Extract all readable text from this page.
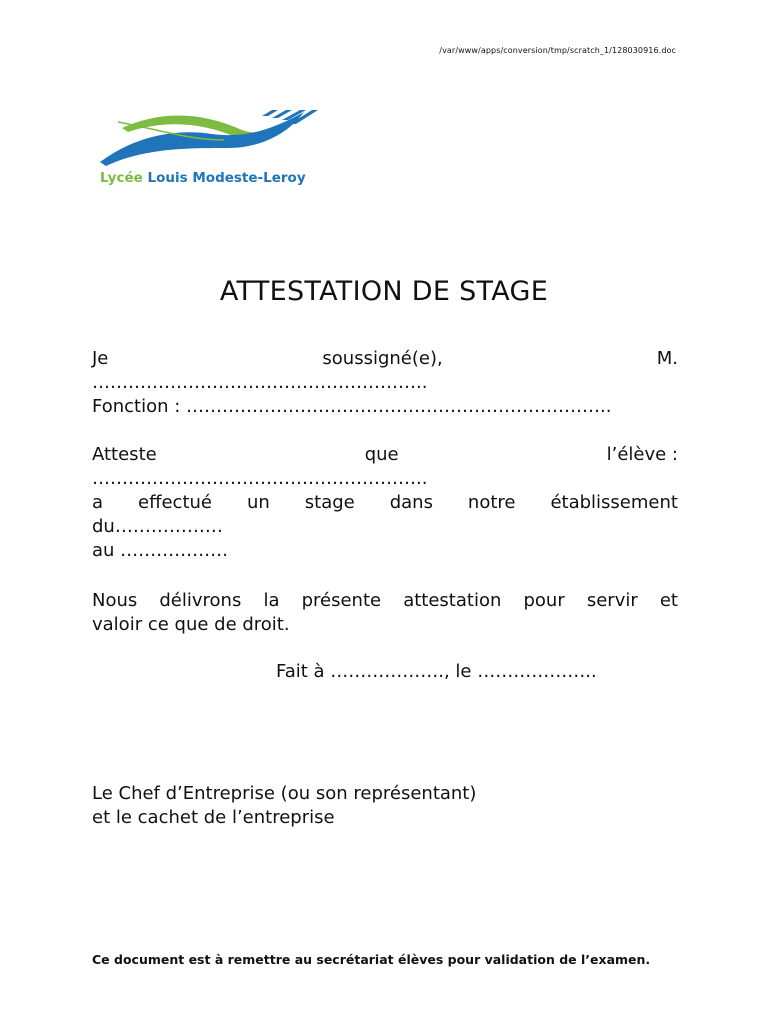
/var/www/apps/conversion/tmp/scratch_1/128030916.doc
Lycée Louis Modeste-Leroy
ATTESTATION DE STAGE
Je	soussigné(e),	M.
………………………………………………..
Fonction : ……………………………………………………………..
Atteste	que	l’élève :
………………………………………………..
a effectué un stage dans notre établissement
du………………
au ………………
Nous délivrons la présente attestation pour servir et
valoir ce que de droit.
Fait à ………………., le ………………..
Le Chef d’Entreprise (ou son représentant)
et le cachet de l’entreprise
Ce document est à remettre au secrétariat élèves pour validation de l’examen.
